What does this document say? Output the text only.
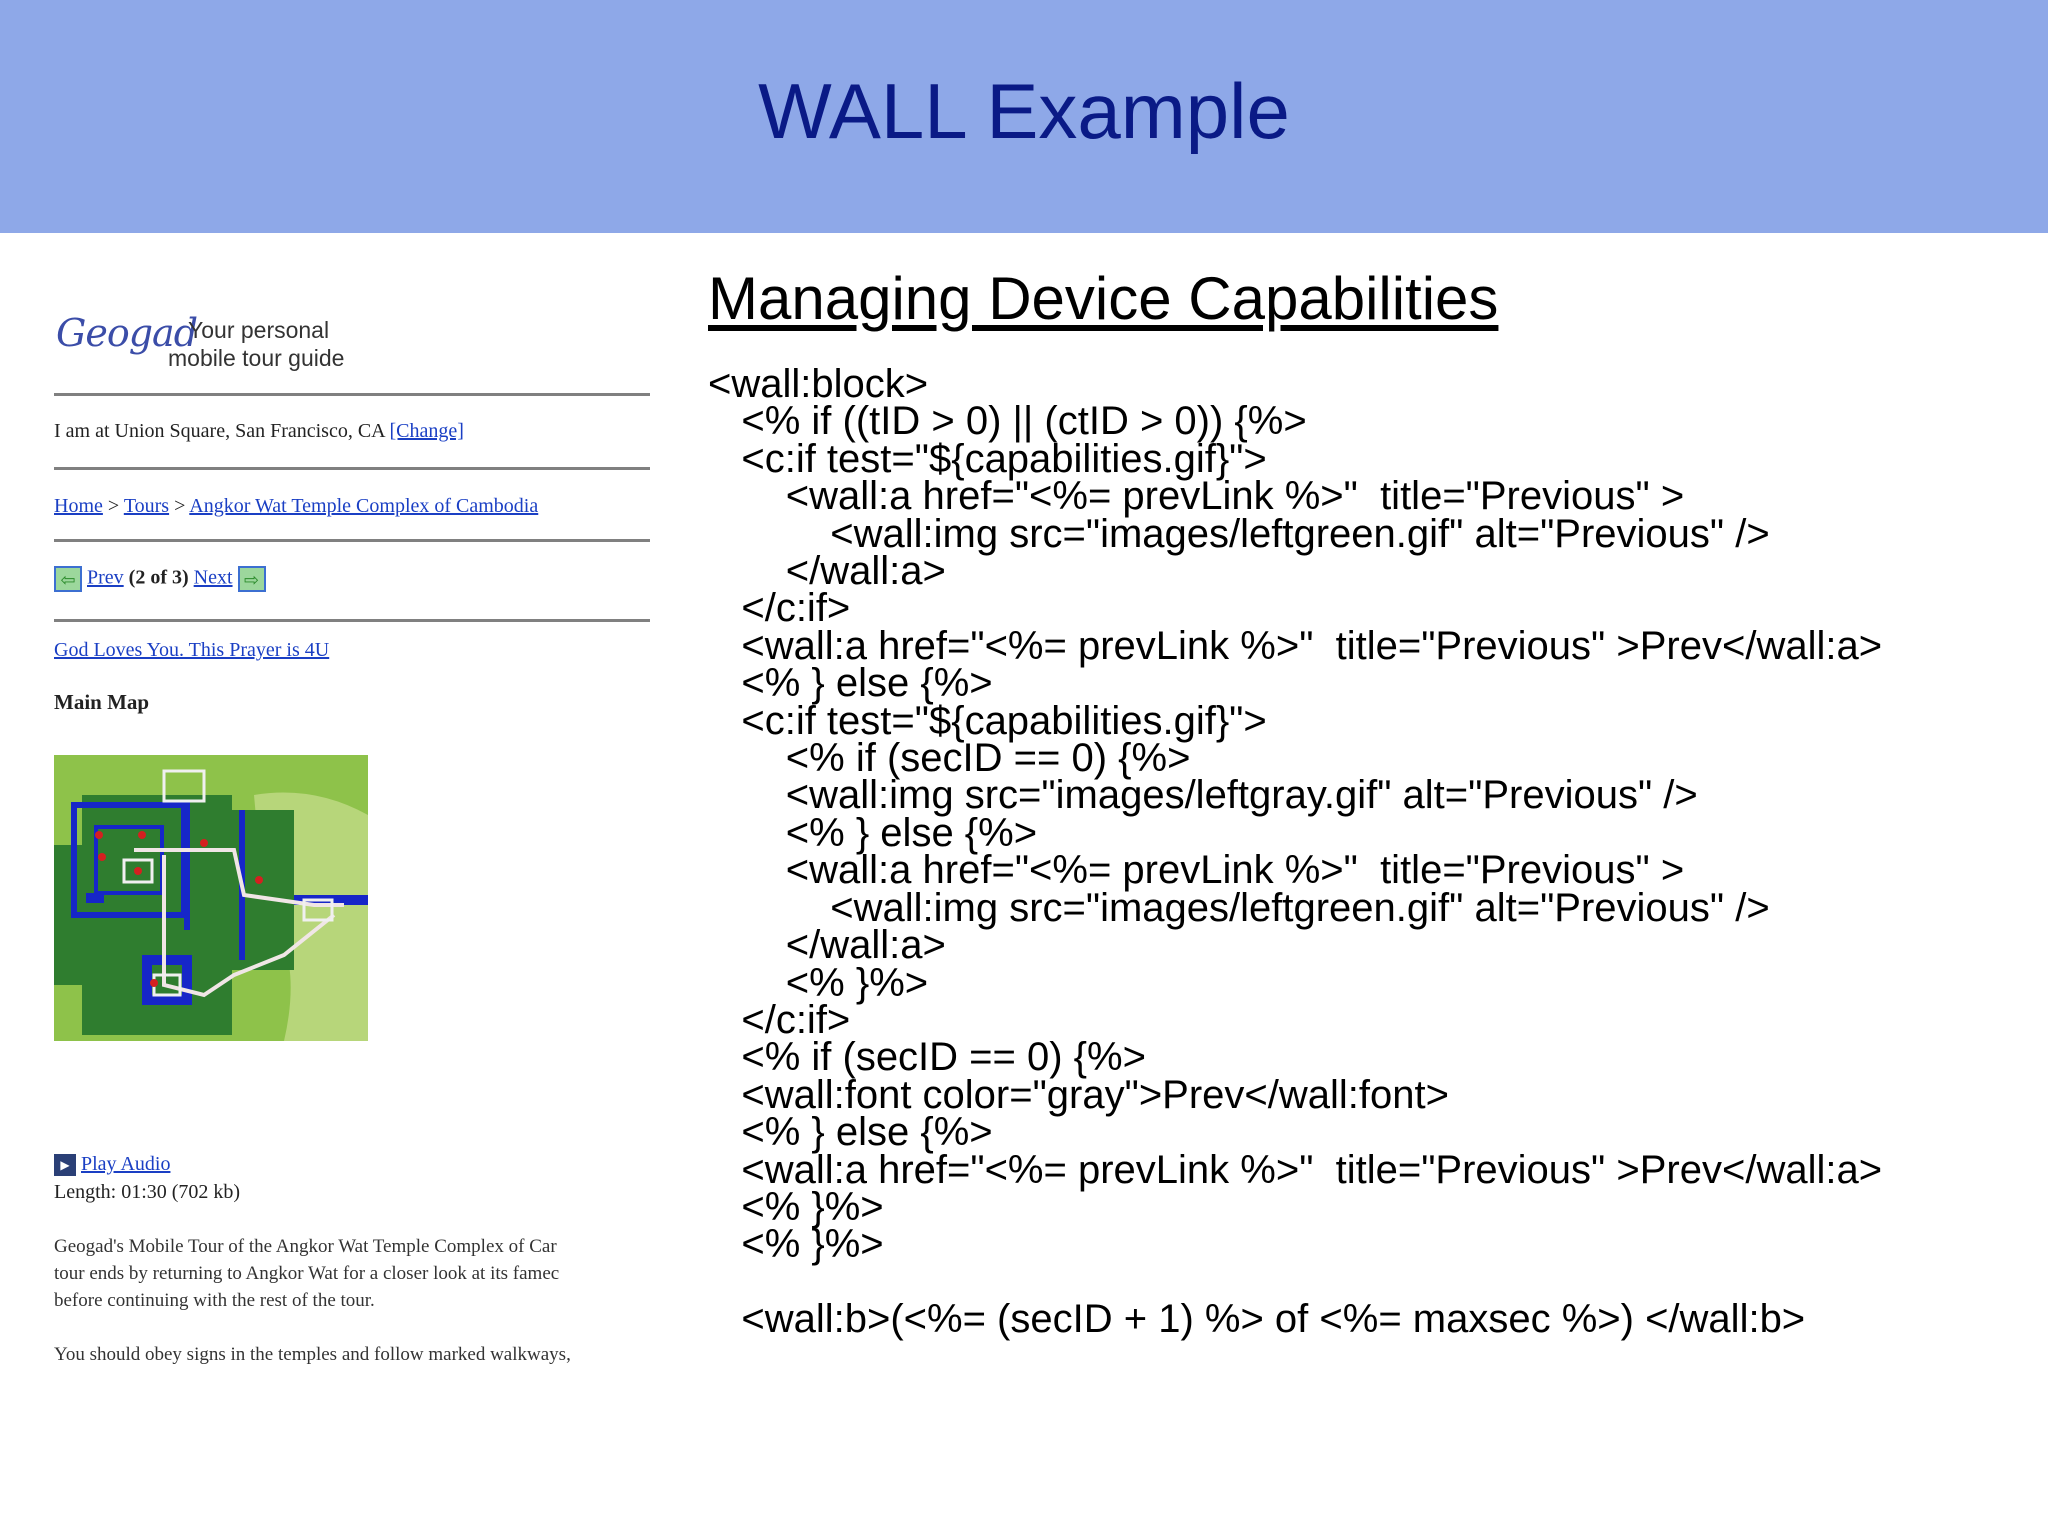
WALL Example
Geogad
Your personal
mobile tour guide
I am at Union Square, San Francisco, CA [Change]
Home > Tours > Angkor Wat Temple Complex of Cambodia
⇦ Prev (2 of 3) Next ⇨
God Loves You. This Prayer is 4U
Main Map
▶ Play Audio
Length: 01:30 (702 kb)
Geogad's Mobile Tour of the Angkor Wat Temple Complex of Car
tour ends by returning to Angkor Wat for a closer look at its famec
before continuing with the rest of the tour.
You should obey signs in the temples and follow marked walkways,
Managing Device Capabilities
<wall:block>
<% if ((tID > 0) || (ctID > 0)) {%>
<c:if test="${capabilities.gif}">
<wall:a href="<%= prevLink %>"  title="Previous" >
<wall:img src="images/leftgreen.gif" alt="Previous" />
</wall:a>
</c:if>
<wall:a href="<%= prevLink %>"  title="Previous" >Prev</wall:a>
<% } else {%>
<c:if test="${capabilities.gif}">
<% if (secID == 0) {%>
<wall:img src="images/leftgray.gif" alt="Previous" />
<% } else {%>
<wall:a href="<%= prevLink %>"  title="Previous" >
<wall:img src="images/leftgreen.gif" alt="Previous" />
</wall:a>
<% }%>
</c:if>
<% if (secID == 0) {%>
<wall:font color="gray">Prev</wall:font>
<% } else {%>
<wall:a href="<%= prevLink %>"  title="Previous" >Prev</wall:a>
<% }%>
<% }%>

<wall:b>(<%= (secID + 1) %> of <%= maxsec %>) </wall:b>
